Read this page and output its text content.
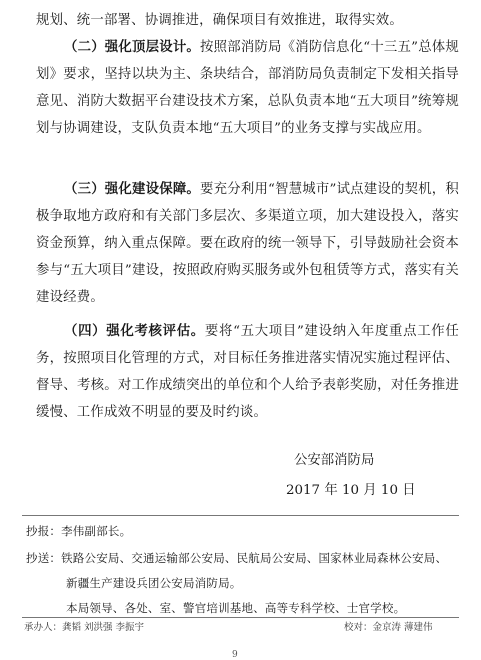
规划、统一部署、协调推进，确保项目有效推进，取得实效。

（二）强化顶层设计。按照部消防局《消防信息化“十三五”总体规划》要求，坚持以块为主、条块结合，部消防局负责制定下发相关指导意见、消防大数据平台建设技术方案，总队负责本地“五大项目”统筹规划与协调建设，支队负责本地“五大项目”的业务支撑与实战应用。

（三）强化建设保障。要充分利用“智慧城市”试点建设的契机，积极争取地方政府和有关部门多层次、多渠道立项，加大建设投入，落实资金预算，纳入重点保障。要在政府的统一领导下，引导鼓励社会资本参与“五大项目”建设，按照政府购买服务或外包租赁等方式，落实有关建设经费。

（四）强化考核评估。要将“五大项目”建设纳入年度重点工作任务，按照项目化管理的方式，对目标任务推进落实情况实施过程评估、督导、考核。对工作成绩突出的单位和个人给予表彰奖励，对任务推进缓慢、工作成效不明显的要及时约谈。

公安部消防局
2017 年 10 月 10 日
抄报：李伟副部长。
抄送：铁路公安局、交通运输部公安局、民航局公安局、国家林业局森林公安局、
新疆生产建设兵团公安局消防局。
本局领导、各处、室、警官培训基地、高等专科学校、士官学校。
承办人：龚韬 刘洪强 李振宇	校对：金京涛 薄建伟
9
